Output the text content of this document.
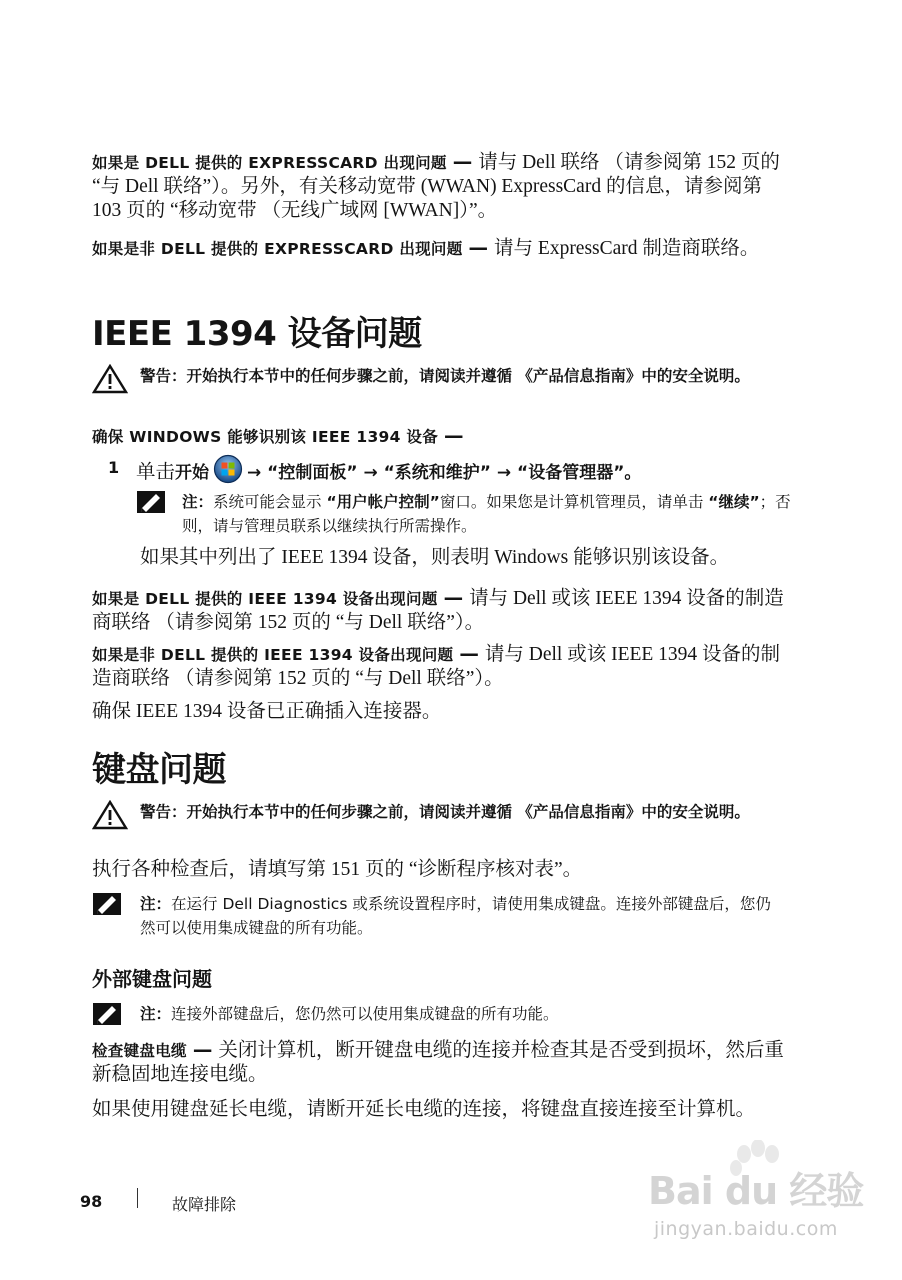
如果是 DELL 提供的 EXPRESSCARD 出现问题 — 请与 Dell 联络 （请参阅第 152 页的 “与 Dell 联络”）。另外，有关移动宽带 (WWAN) ExpressCard 的信息，请参阅第 103 页的 “移动宽带 （无线广域网 [WWAN]）”。

如果是非 DELL 提供的 EXPRESSCARD 出现问题 — 请与 ExpressCard 制造商联络。

IEEE 1394 设备问题
警告：开始执行本节中的任何步骤之前，请阅读并遵循 《产品信息指南》中的安全说明。

确保 WINDOWS 能够识别该 IEEE 1394 设备 —

1 单击开始 → “控制面板” → “系统和维护” → “设备管理器”。
注：系统可能会显示 “用户帐户控制”窗口。如果您是计算机管理员，请单击 “继续”；否则，请与管理员联系以继续执行所需操作。

如果其中列出了 IEEE 1394 设备，则表明 Windows 能够识别该设备。

如果是 DELL 提供的 IEEE 1394 设备出现问题 — 请与 Dell 或该 IEEE 1394 设备的制造商联络 （请参阅第 152 页的 “与 Dell 联络”）。

如果是非 DELL 提供的 IEEE 1394 设备出现问题 — 请与 Dell 或该 IEEE 1394 设备的制造商联络 （请参阅第 152 页的 “与 Dell 联络”）。

确保 IEEE 1394 设备已正确插入连接器。

键盘问题
警告：开始执行本节中的任何步骤之前，请阅读并遵循 《产品信息指南》中的安全说明。

执行各种检查后，请填写第 151 页的 “诊断程序核对表”。

注：在运行 Dell Diagnostics 或系统设置程序时，请使用集成键盘。连接外部键盘后，您仍然可以使用集成键盘的所有功能。
外部键盘问题
注：连接外部键盘后，您仍然可以使用集成键盘的所有功能。

检查键盘电缆 — 关闭计算机，断开键盘电缆的连接并检查其是否受到损坏，然后重新稳固地连接电缆。

如果使用键盘延长电缆，请断开延长电缆的连接，将键盘直接连接至计算机。

98	故障排除	Bai du 经验
jingyan.baidu.com
